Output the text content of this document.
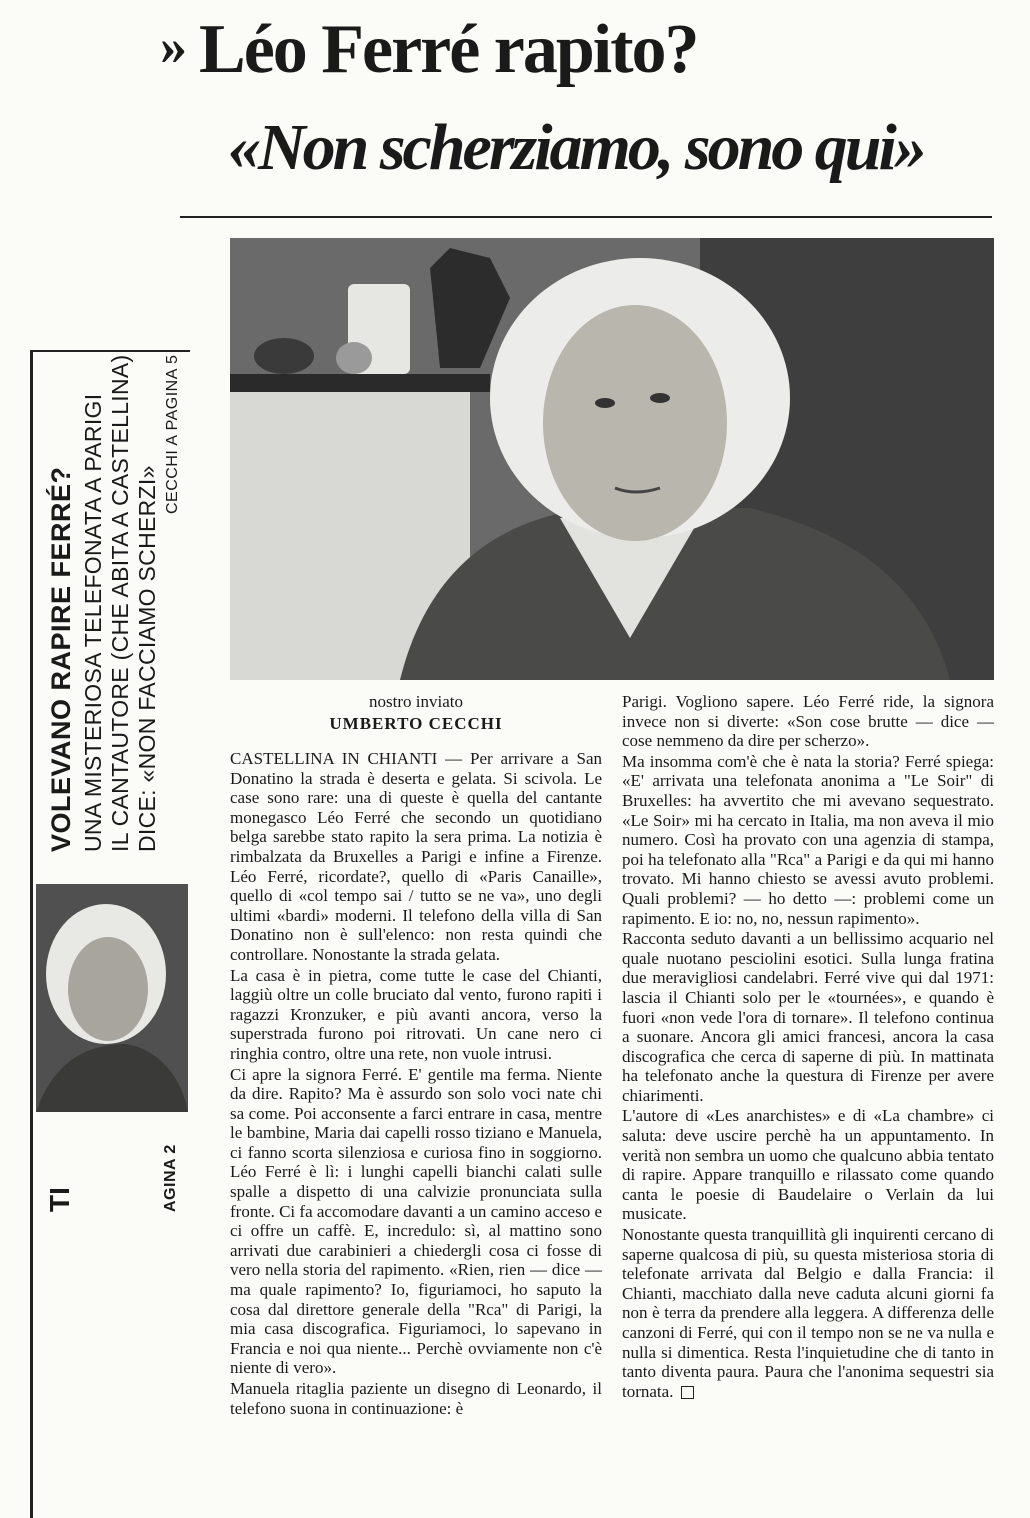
» Léo Ferré rapito?
«Non scherziamo, sono qui»
nostro inviato
UMBERTO CECCHI

CASTELLINA IN CHIANTI — Per arrivare a San Donatino la strada è deserta e gelata. Si scivola. Le case sono rare: una di queste è quella del cantante monegasco Léo Ferré che secondo un quotidiano belga sarebbe stato rapito la sera prima. La notizia è rimbalzata da Bruxelles a Parigi e infine a Firenze. Léo Ferré, ricordate?, quello di «Paris Canaille», quello di «col tempo sai / tutto se ne va», uno degli ultimi «bardi» moderni. Il telefono della villa di San Donatino non è sull'elenco: non resta quindi che controllare. Nonostante la strada gelata.

La casa è in pietra, come tutte le case del Chianti, laggiù oltre un colle bruciato dal vento, furono rapiti i ragazzi Kronzuker, e più avanti ancora, verso la superstrada furono poi ritrovati. Un cane nero ci ringhia contro, oltre una rete, non vuole intrusi.

Ci apre la signora Ferré. E' gentile ma ferma. Niente da dire. Rapito? Ma è assurdo son solo voci nate chi sa come. Poi acconsente a farci entrare in casa, mentre le bambine, Maria dai capelli rosso tiziano e Manuela, ci fanno scorta silenziosa e curiosa fino in soggiorno. Léo Ferré è lì: i lunghi capelli bianchi calati sulle spalle a dispetto di una calvizie pronunciata sulla fronte. Ci fa accomodare davanti a un camino acceso e ci offre un caffè. E, incredulo: sì, al mattino sono arrivati due carabinieri a chiedergli cosa ci fosse di vero nella storia del rapimento. «Rien, rien — dice — ma quale rapimento? Io, figuriamoci, ho saputo la cosa dal direttore generale della "Rca" di Parigi, la mia casa discografica. Figuriamoci, lo sapevano in Francia e noi qua niente... Perchè ovviamente non c'è niente di vero».

Manuela ritaglia paziente un disegno di Leonardo, il telefono suona in continuazione: è

Parigi. Vogliono sapere. Léo Ferré ride, la signora invece non si diverte: «Son cose brutte — dice — cose nemmeno da dire per scherzo».

Ma insomma com'è che è nata la storia? Ferré spiega: «E' arrivata una telefonata anonima a "Le Soir" di Bruxelles: ha avvertito che mi avevano sequestrato. «Le Soir» mi ha cercato in Italia, ma non aveva il mio numero. Così ha provato con una agenzia di stampa, poi ha telefonato alla "Rca" a Parigi e da qui mi hanno trovato. Mi hanno chiesto se avessi avuto problemi. Quali problemi? — ho detto —: problemi come un rapimento. E io: no, no, nessun rapimento».

Racconta seduto davanti a un bellissimo acquario nel quale nuotano pesciolini esotici. Sulla lunga fratina due meravigliosi candelabri. Ferré vive qui dal 1971: lascia il Chianti solo per le «tournées», e quando è fuori «non vede l'ora di tornare». Il telefono continua a suonare. Ancora gli amici francesi, ancora la casa discografica che cerca di saperne di più. In mattinata ha telefonato anche la questura di Firenze per avere chiarimenti.

L'autore di «Les anarchistes» e di «La chambre» ci saluta: deve uscire perchè ha un appuntamento. In verità non sembra un uomo che qualcuno abbia tentato di rapire. Appare tranquillo e rilassato come quando canta le poesie di Baudelaire o Verlain da lui musicate.

Nonostante questa tranquillità gli inquirenti cercano di saperne qualcosa di più, su questa misteriosa storia di telefonate arrivata dal Belgio e dalla Francia: il Chianti, macchiato dalla neve caduta alcuni giorni fa non è terra da prendere alla leggera. A differenza delle canzoni di Ferré, qui con il tempo non se ne va nulla e nulla si dimentica. Resta l'inquietudine che di tanto in tanto diventa paura. Paura che l'anonima sequestri sia tornata.

VOLEVANO RAPIRE FERRÉ? UNA MISTERIOSA TELEFONATA A PARIGI IL CANTAUTORE (CHE ABITA A CASTELLINA) DICE: «NON FACCIAMO SCHERZI»
CECCHI A PAGINA 5
AGINA 2
TI
